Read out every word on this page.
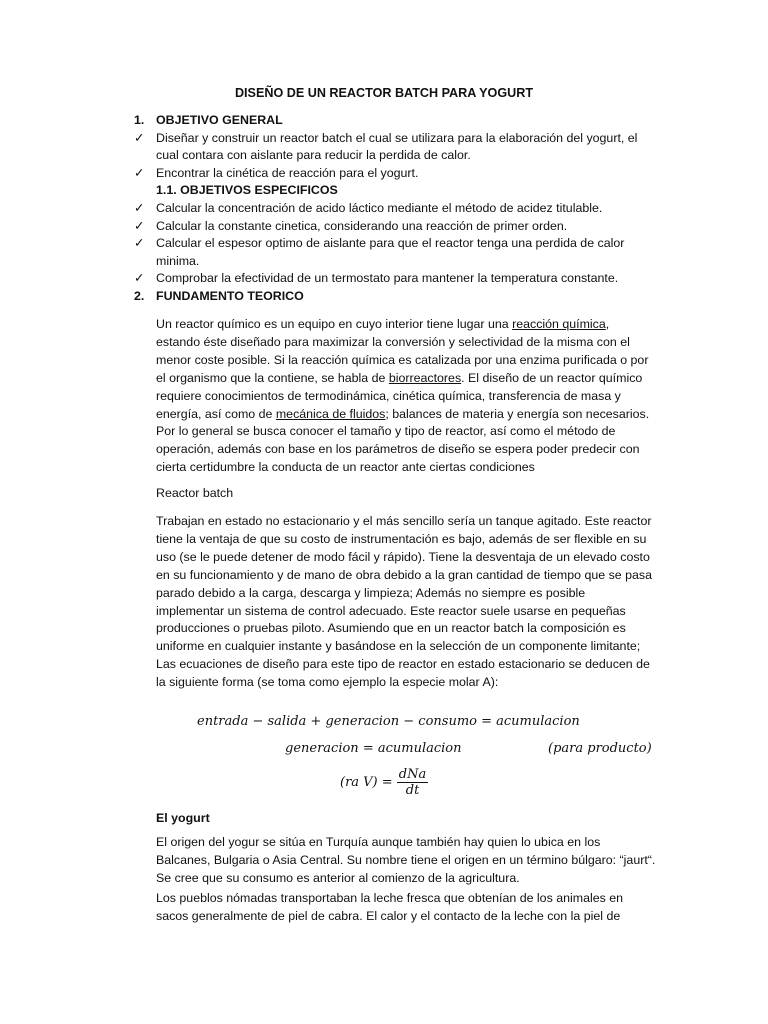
DISEÑO DE UN REACTOR BATCH PARA YOGURT
1. OBJETIVO GENERAL
✓ Diseñar y construir un reactor batch el cual se utilizara para la elaboración del yogurt, el cual contara con aislante para reducir la perdida de calor.
✓ Encontrar la cinética de reacción para el yogurt.
1.1. OBJETIVOS ESPECIFICOS
✓ Calcular la concentración de acido láctico mediante el método de acidez titulable.
✓ Calcular la constante cinetica, considerando una reacción de primer orden.
✓ Calcular el espesor optimo de aislante para que el reactor tenga una perdida de calor minima.
✓ Comprobar la efectividad de un termostato para mantener la temperatura constante.
2. FUNDAMENTO TEORICO
Un reactor químico es un equipo en cuyo interior tiene lugar una reacción química, estando éste diseñado para maximizar la conversión y selectividad de la misma con el menor coste posible. Si la reacción química es catalizada por una enzima purificada o por el organismo que la contiene, se habla de biorreactores. El diseño de un reactor químico requiere conocimientos de termodinámica, cinética química, transferencia de masa y energía, así como de mecánica de fluidos; balances de materia y energía son necesarios. Por lo general se busca conocer el tamaño y tipo de reactor, así como el método de operación, además con base en los parámetros de diseño se espera poder predecir con cierta certidumbre la conducta de un reactor ante ciertas condiciones
Reactor batch
Trabajan en estado no estacionario y el más sencillo sería un tanque agitado. Este reactor tiene la ventaja de que su costo de instrumentación es bajo, además de ser flexible en su uso (se le puede detener de modo fácil y rápido). Tiene la desventaja de un elevado costo en su funcionamiento y de mano de obra debido a la gran cantidad de tiempo que se pasa parado debido a la carga, descarga y limpieza; Además no siempre es posible implementar un sistema de control adecuado. Este reactor suele usarse en pequeñas producciones o pruebas piloto. Asumiendo que en un reactor batch la composición es uniforme en cualquier instante y basándose en la selección de un componente limitante; Las ecuaciones de diseño para este tipo de reactor en estado estacionario se deducen de la siguiente forma (se toma como ejemplo la especie molar A):
entrada − salida + generacion − consumo = acumulacion
generacion = acumulacion	(para producto)
(ra $V) = \frac{\text{dNa}}{dt}$
El yogurt
El origen del yogur se sitúa en Turquía aunque también hay quien lo ubica en los Balcanes, Bulgaria o Asia Central. Su nombre tiene el origen en un término búlgaro: “jaurt“. Se cree que su consumo es anterior al comienzo de la agricultura.
Los pueblos nómadas transportaban la leche fresca que obtenían de los animales en sacos generalmente de piel de cabra. El calor y el contacto de la leche con la piel de
